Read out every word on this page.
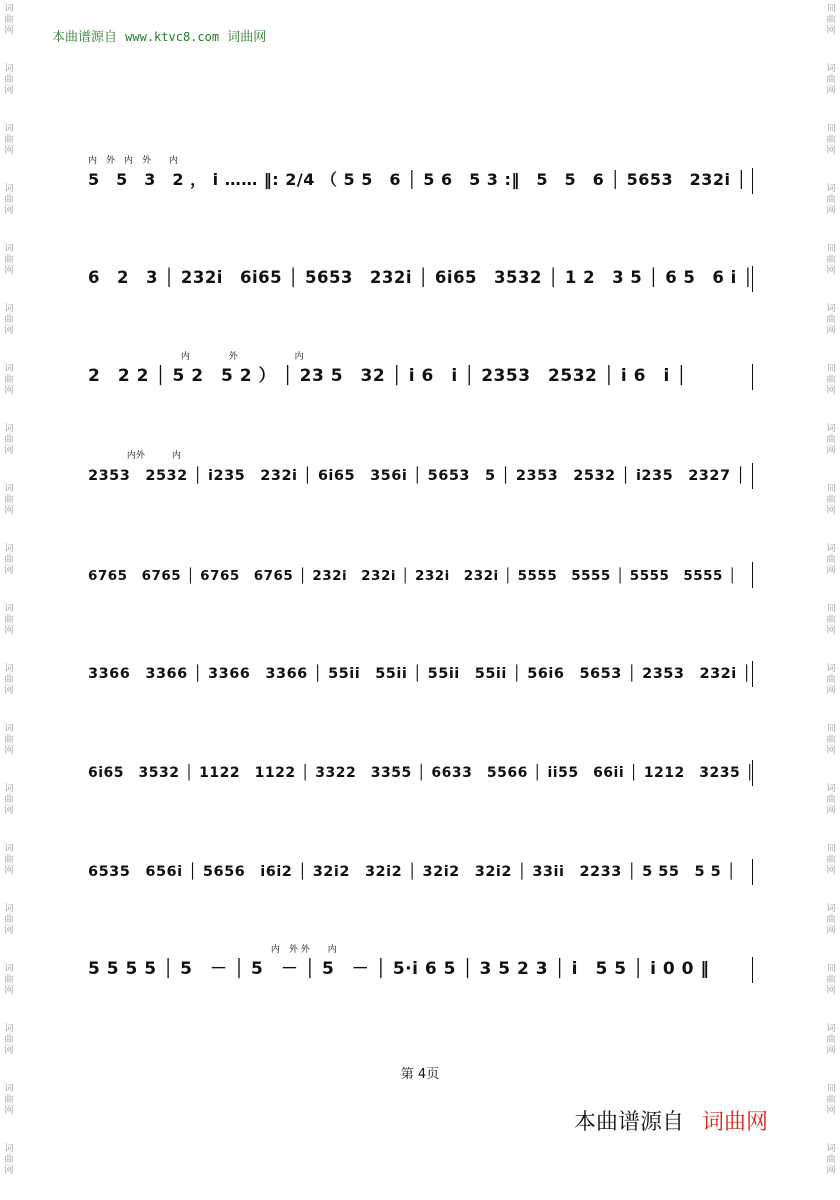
词
曲
网
词
曲
网
词
曲
网
词
曲
网
词
曲
网
词
曲
网
词
曲
网
词
曲
网
词
曲
网
词
曲
网
词
曲
网
词
曲
网
词
曲
网
词
曲
网
词
曲
网
词
曲
网
词
曲
网
词
曲
网
词
曲
网
词
曲
网
词
曲
网
词
曲
网
词
曲
网
词
曲
网
词
曲
网
词
曲
网
词
曲
网
词
曲
网
词
曲
网
词
曲
网
词
曲
网
词
曲
网
词
曲
网
词
曲
网
词
曲
网
词
曲
网
词
曲
网
词
曲
网
词
曲
网
词
曲
网
本曲谱源自 www.ktvc8.com 词曲网
内　外　内　外　　内
5　5　3　2 ， i …… ‖: 2/4 （ 5 5　6 │ 5 6　5 3 :‖　5　5　6 │ 5653　232i │
6　2　3 │ 232i　6i65 │ 5653　232i │ 6i65　3532 │ 1 2　3 5 │ 6 5　6 i │
　　　　　　　　　　 内　　　　 外　　　　　　 内
2　2 2 │ 5 2　5 2 ） │ 23 5　32 │ i 6　i │ 2353　2532 │ i 6　i │
　　　　 内外　　　内
2353　2532 │ i235　232i │ 6i65　356i │ 5653　5 │ 2353　2532 │ i235　2327 │
6765　6765 │ 6765　6765 │ 232i　232i │ 232i　232i │ 5555　5555 │ 5555　5555 │
3366　3366 │ 3366　3366 │ 55ii　55ii │ 55ii　55ii │ 56i6　5653 │ 2353　232i │
6i65　3532 │ 1122　1122 │ 3322　3355 │ 6633　5566 │ ii55　66ii │ 1212　3235 │
6535　656i │ 5656　i6i2 │ 32i2　32i2 │ 32i2　32i2 │ 33ii　2233 │ 5 55　5 5 │
　　　　　　　　　　　　　　　　　　　　 内　外 外　　内
5 5 5 5 │ 5　－ │ 5　－ │ 5　－ │ 5·i 6 5 │ 3 5 2 3 │ i　5 5 │ i 0 0 ‖
第 4页
本曲谱源自 词曲网
